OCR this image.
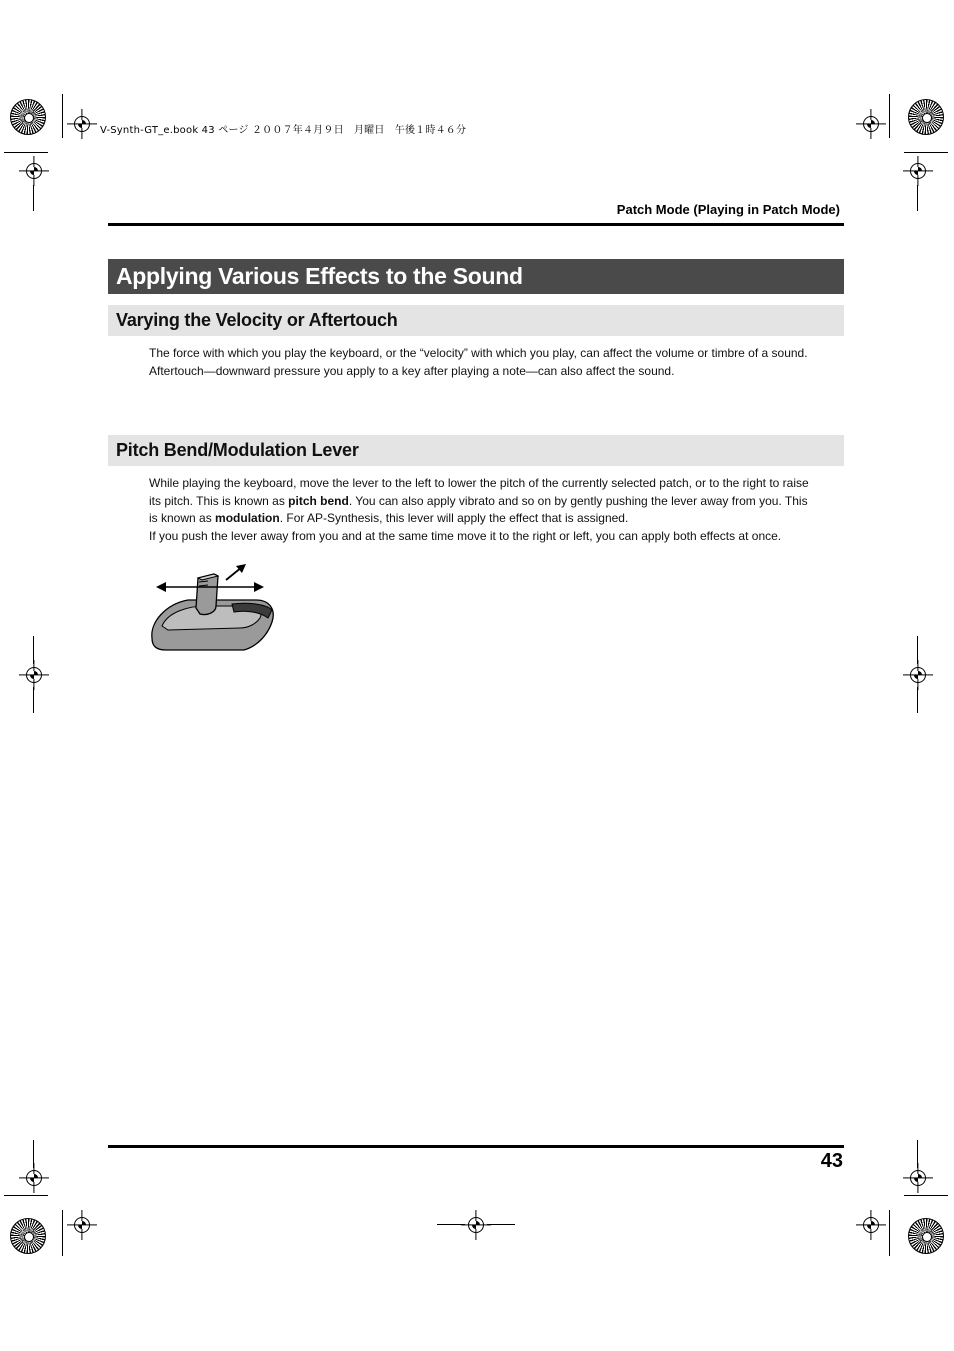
V-Synth-GT_e.book 43 ページ ２００７年４月９日　月曜日　午後１時４６分
Patch Mode (Playing in Patch Mode)
Applying Various Effects to the Sound
Varying the Velocity or Aftertouch

The force with which you play the keyboard, or the “velocity” with which you play, can affect the volume or timbre of a sound. Aftertouch—downward pressure you apply to a key after playing a note—can also affect the sound.

Pitch Bend/Modulation Lever

While playing the keyboard, move the lever to the left to lower the pitch of the currently selected patch, or to the right to raise its pitch. This is known as pitch bend. You can also apply vibrato and so on by gently pushing the lever away from you. This is known as modulation. For AP-Synthesis, this lever will apply the effect that is assigned.

If you push the lever away from you and at the same time move it to the right or left, you can apply both effects at once.

43
